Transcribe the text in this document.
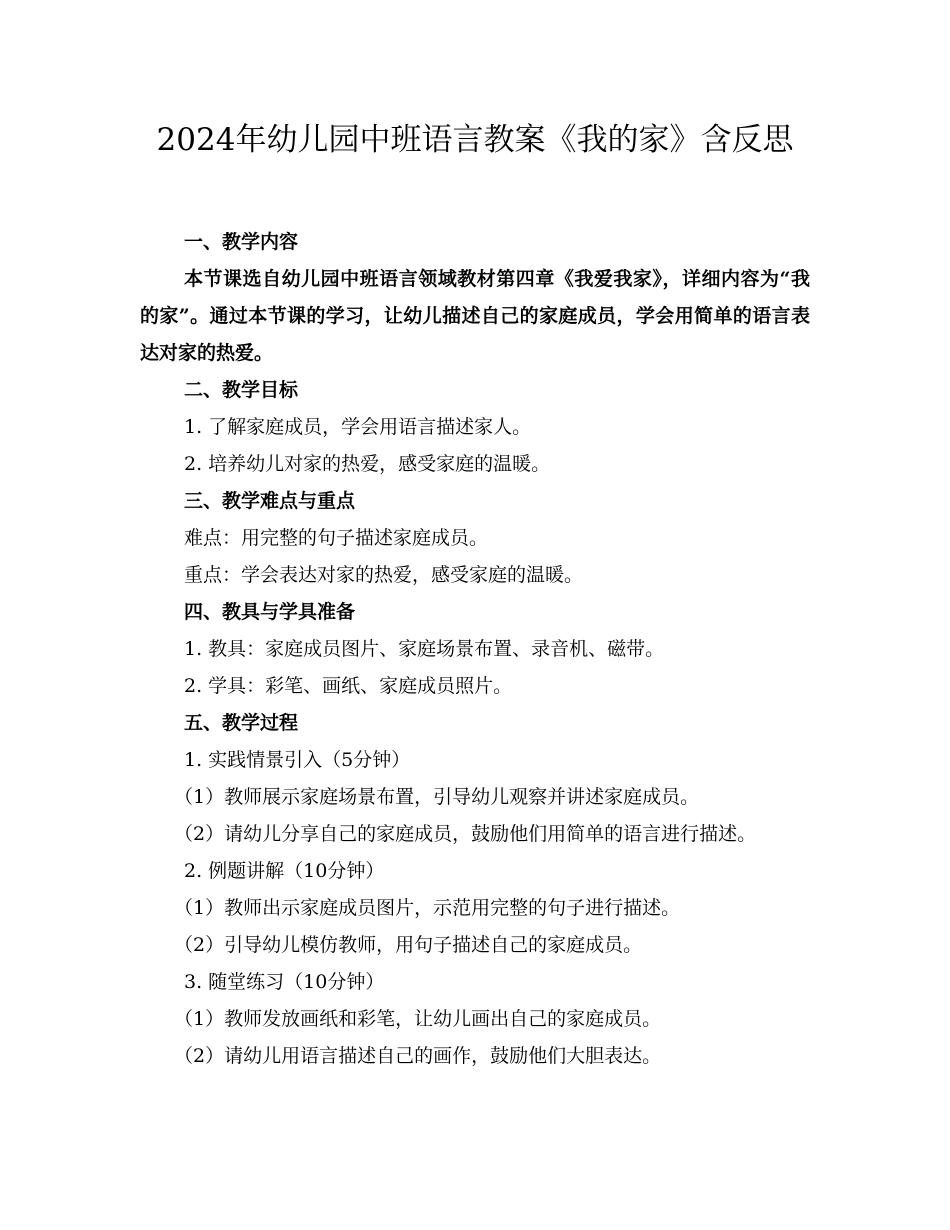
2024年幼儿园中班语言教案《我的家》含反思
一、教学内容
本节课选自幼儿园中班语言领域教材第四章《我爱我家》，详细内容为“我的家”。通过本节课的学习，让幼儿描述自己的家庭成员，学会用简单的语言表达对家的热爱。
二、教学目标
1. 了解家庭成员，学会用语言描述家人。
2. 培养幼儿对家的热爱，感受家庭的温暖。
三、教学难点与重点
难点：用完整的句子描述家庭成员。
重点：学会表达对家的热爱，感受家庭的温暖。
四、教具与学具准备
1. 教具：家庭成员图片、家庭场景布置、录音机、磁带。
2. 学具：彩笔、画纸、家庭成员照片。
五、教学过程
1. 实践情景引入（5分钟）
（1）教师展示家庭场景布置，引导幼儿观察并讲述家庭成员。
（2）请幼儿分享自己的家庭成员，鼓励他们用简单的语言进行描述。
2. 例题讲解（10分钟）
（1）教师出示家庭成员图片，示范用完整的句子进行描述。
（2）引导幼儿模仿教师，用句子描述自己的家庭成员。
3. 随堂练习（10分钟）
（1）教师发放画纸和彩笔，让幼儿画出自己的家庭成员。
（2）请幼儿用语言描述自己的画作，鼓励他们大胆表达。
